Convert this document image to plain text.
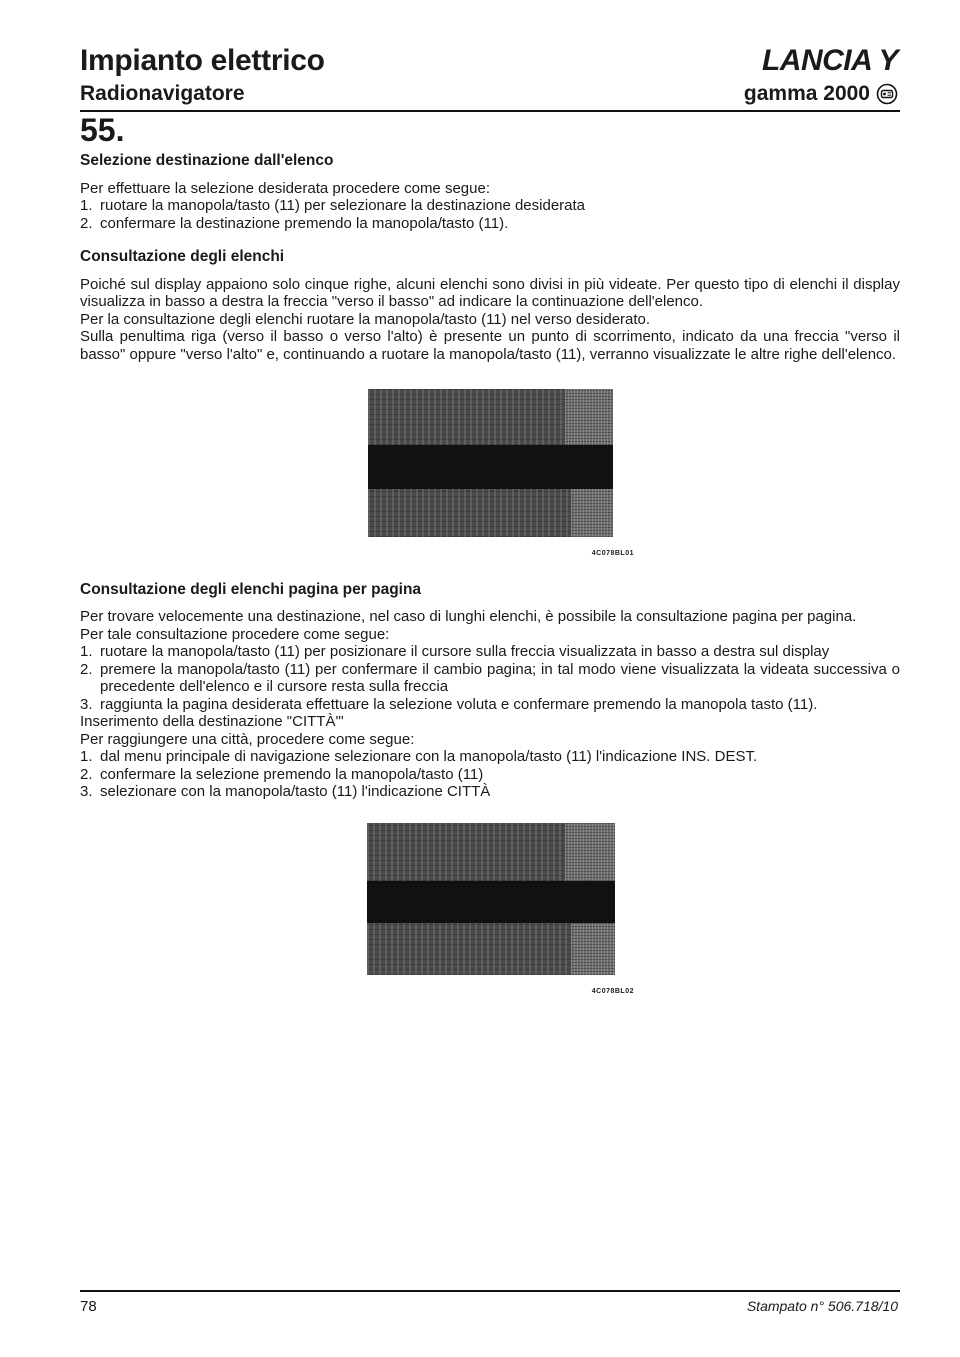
Impianto elettrico
Radionavigatore
LANCIA Y
gamma 2000
55.
Selezione destinazione dall'elenco

Per effettuare la selezione desiderata procedere come segue:

1. ruotare la manopola/tasto (11) per selezionare la destinazione desiderata
2. confermare la destinazione premendo la manopola/tasto (11).
Consultazione degli elenchi

Poiché sul display appaiono solo cinque righe, alcuni elenchi sono divisi in più videate. Per questo tipo di elenchi il display visualizza in basso a destra la freccia "verso il basso" ad indicare la continuazione dell'elenco.

Per la consultazione degli elenchi ruotare la manopola/tasto (11) nel verso desiderato.

Sulla penultima riga (verso il basso o verso l'alto) è presente un punto di scorrimento, indicato da una freccia "verso il basso" oppure "verso l'alto" e, continuando a ruotare la manopola/tasto (11), verranno visualizzate le altre righe dell'elenco.

4C078BL01
Consultazione degli elenchi pagina per pagina

Per trovare velocemente una destinazione, nel caso di lunghi elenchi, è possibile la consultazione pagina per pagina.

Per tale consultazione procedere come segue:

1. ruotare la manopola/tasto (11) per posizionare il cursore sulla freccia visualizzata in basso a destra sul display
2. premere la manopola/tasto (11) per confermare il cambio pagina; in tal modo viene visualizzata la videata successiva o precedente dell'elenco e il cursore resta sulla freccia
3. raggiunta la pagina desiderata effettuare la selezione voluta e confermare premendo la manopola tasto (11).

Inserimento della destinazione "CITTÀ'"

Per raggiungere una città, procedere come segue:

1. dal menu principale di navigazione selezionare con la manopola/tasto (11) l'indicazione INS. DEST.
2. confermare la selezione premendo la manopola/tasto (11)
3. selezionare con la manopola/tasto (11) l'indicazione CITTÀ
4C078BL02
78	Stampato n° 506.718/10
